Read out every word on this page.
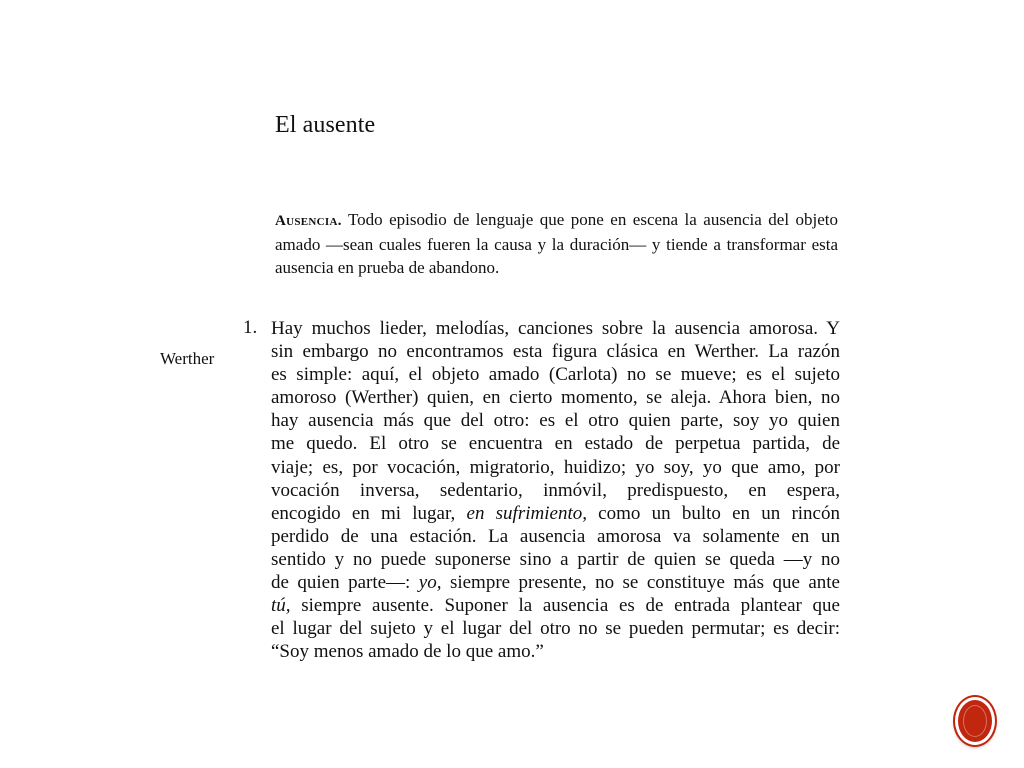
El ausente
Ausencia. Todo episodio de lenguaje que pone en escena la ausencia del objeto amado —sean cuales fueren la causa y la duración— y tiende a transformar esta ausencia en prueba de abandono.
Werther
1. Hay muchos lieder, melodías, canciones sobre la ausencia amorosa. Y
sin embargo no encontramos esta figura clásica en Werther. La razón
es simple: aquí, el objeto amado (Carlota) no se mueve; es el sujeto
amoroso (Werther) quien, en cierto momento, se aleja. Ahora bien, no
hay ausencia más que del otro: es el otro quien parte, soy yo quien
me quedo. El otro se encuentra en estado de perpetua partida, de
viaje; es, por vocación, migratorio, huidizo; yo soy, yo que amo, por
vocación inversa, sedentario, inmóvil, predispuesto, en espera,
encogido en mi lugar, en sufrimiento, como un bulto en un rincón
perdido de una estación. La ausencia amorosa va solamente en un
sentido y no puede suponerse sino a partir de quien se queda —y no
de quien parte—: yo, siempre presente, no se constituye más que ante
tú, siempre ausente. Suponer la ausencia es de entrada plantear que
el lugar del sujeto y el lugar del otro no se pueden permutar; es decir:
“Soy menos amado de lo que amo.”
